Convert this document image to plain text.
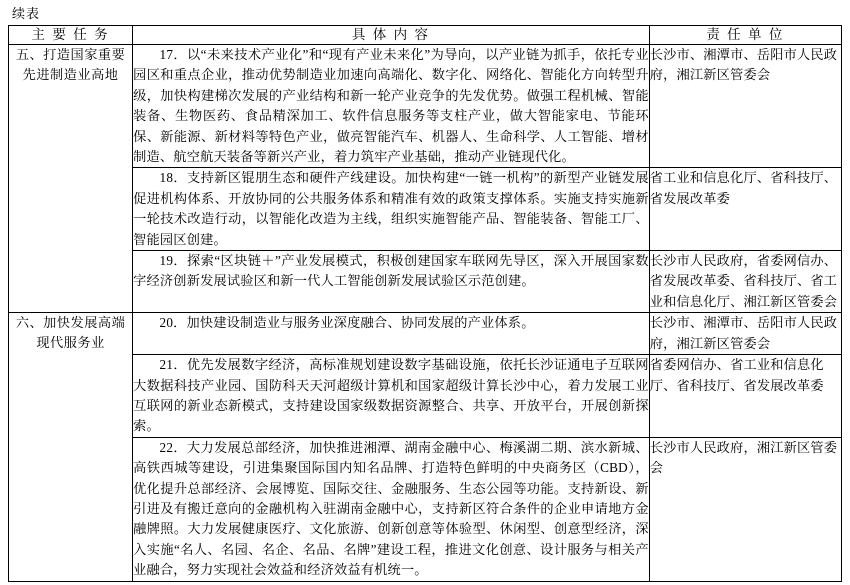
续表
主 要 任 务	具 体 内 容	责 任 单 位

五、打造国家重要先进制造业高地	17．以“未来技术产业化”和“现有产业未来化”为导向，以产业链为抓手，依托专业园区和重点企业，推动优势制造业加速向高端化、数字化、网络化、智能化方向转型升级，加快构建梯次发展的产业结构和新一轮产业竞争的先发优势。做强工程机械、智能装备、生物医药、食品精深加工、软件信息服务等支柱产业，做大智能家电、节能环保、新能源、新材料等特色产业，做亮智能汽车、机器人、生命科学、人工智能、增材制造、航空航天装备等新兴产业，着力筑牢产业基础，推动产业链现代化。	长沙市、湘潭市、岳阳市人民政府，湘江新区管委会

	18．支持新区锟朋生态和硬件产线建设。加快构建“一链一机构”的新型产业链发展促进机构体系、开放协同的公共服务体系和精准有效的政策支撑体系。实施支持实施新一轮技术改造行动，以智能化改造为主线，组织实施智能产品、智能装备、智能工厂、智能园区创建。	省工业和信息化厅、省科技厅、省发展改革委

	19．探索“区块链＋”产业发展模式，积极创建国家车联网先导区，深入开展国家数字经济创新发展试验区和新一代人工智能创新发展试验区示范创建。	长沙市人民政府，省委网信办、省发展改革委、省科技厅、省工业和信息化厅、湘江新区管委会

六、加快发展高端现代服务业	20．加快建设制造业与服务业深度融合、协同发展的产业体系。	长沙市、湘潭市、岳阳市人民政府，湘江新区管委会

	21．优先发展数字经济，高标准规划建设数字基础设施，依托长沙证通电子互联网大数据科技产业园、国防科天天河超级计算机和国家超级计算长沙中心，着力发展工业互联网的新业态新模式，支持建设国家级数据资源整合、共享、开放平台，开展创新探索。	省委网信办、省工业和信息化厅、省科技厅、省发展改革委

	22．大力发展总部经济，加快推进湘潭、湖南金融中心、梅溪湖二期、滨水新城、高铁西城等建设，引进集聚国际国内知名品牌、打造特色鲜明的中央商务区（CBD），优化提升总部经济、会展博览、国际交往、金融服务、生态公园等功能。支持新设、新引进及有搬迁意向的金融机构入驻湖南金融中心，支持新区符合条件的企业申请地方金融牌照。大力发展健康医疗、文化旅游、创新创意等体验型、休闲型、创意型经济，深入实施“名人、名园、名企、名品、名牌”建设工程，推进文化创意、设计服务与相关产业融合，努力实现社会效益和经济效益有机统一。	长沙市人民政府，湘江新区管委会
